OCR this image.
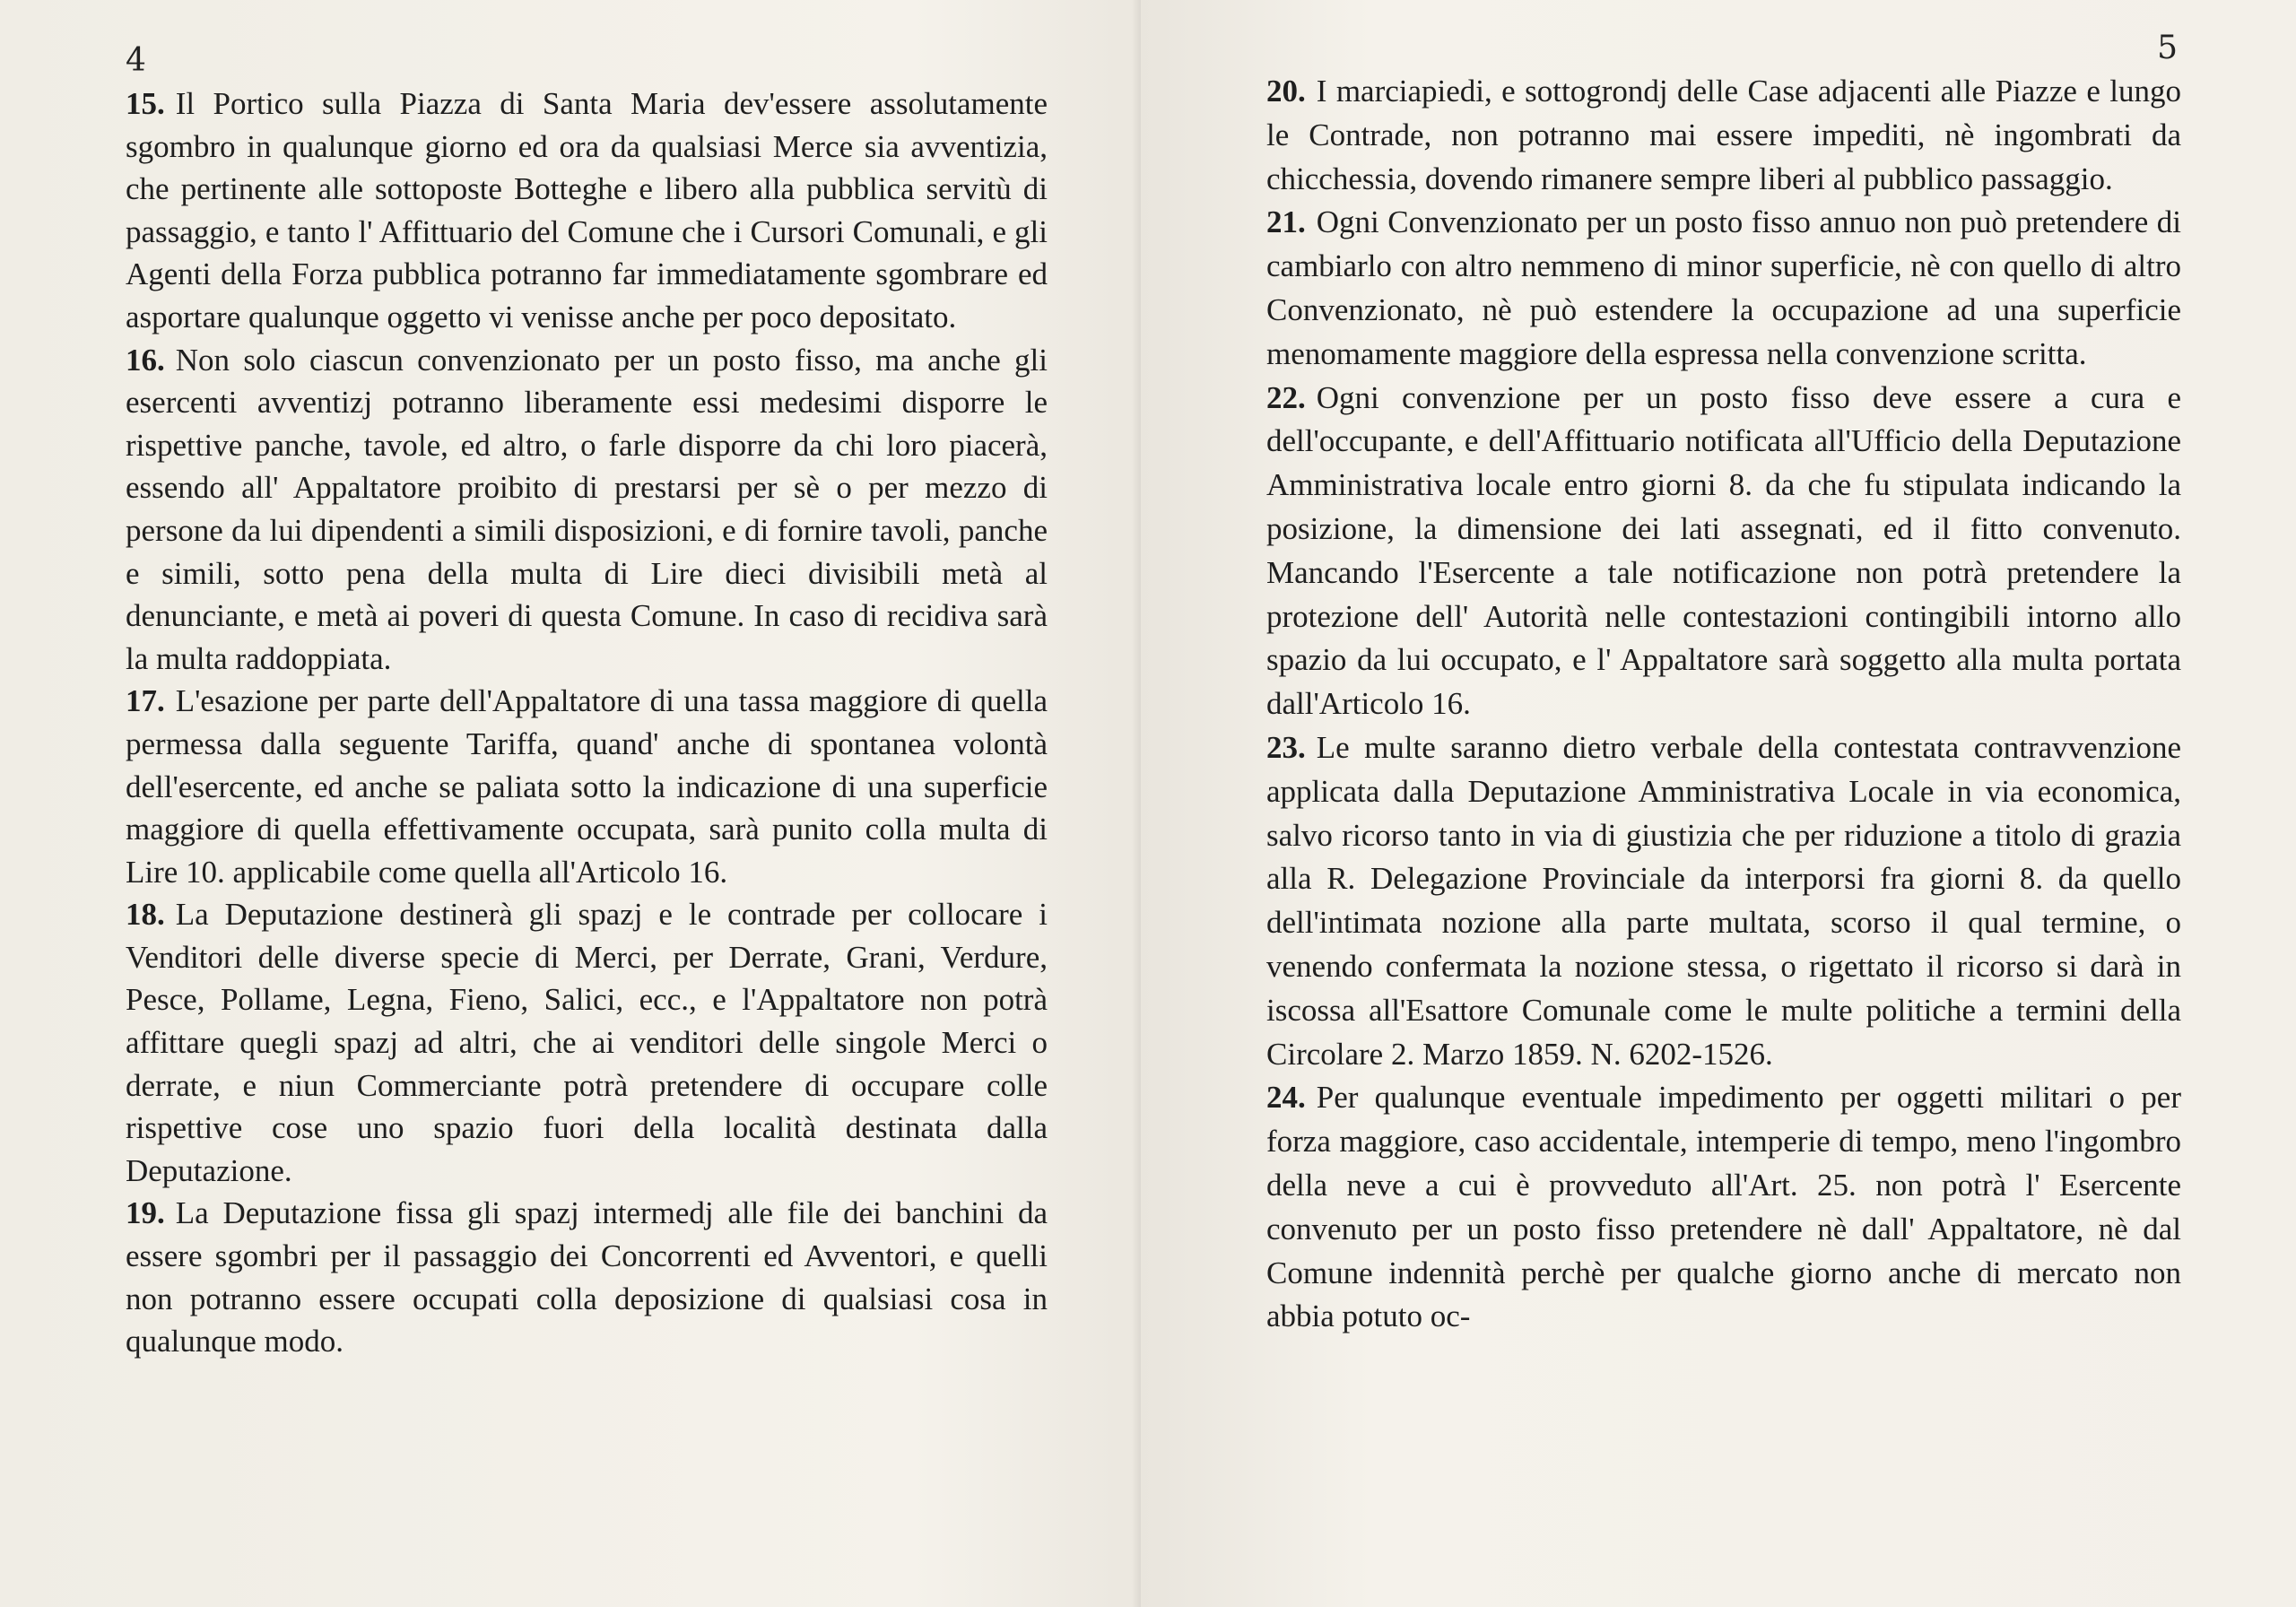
4

15. Il Portico sulla Piazza di Santa Maria dev'essere assolutamente sgombro in qualunque giorno ed ora da qualsiasi Merce sia avventizia, che pertinente alle sottoposte Botteghe e libero alla pubblica servitù di passaggio, e tanto l' Affittuario del Comune che i Cursori Comunali, e gli Agenti della Forza pubblica potranno far immediatamente sgombrare ed asportare qualunque oggetto vi venisse anche per poco depositato.

16. Non solo ciascun convenzionato per un posto fisso, ma anche gli esercenti avventizj potranno liberamente essi medesimi disporre le rispettive panche, tavole, ed altro, o farle disporre da chi loro piacerà, essendo all' Appaltatore proibito di prestarsi per sè o per mezzo di persone da lui dipendenti a simili disposizioni, e di fornire tavoli, panche e simili, sotto pena della multa di Lire dieci divisibili metà al denunciante, e metà ai poveri di questa Comune. In caso di recidiva sarà la multa raddoppiata.

17. L'esazione per parte dell'Appaltatore di una tassa maggiore di quella permessa dalla seguente Tariffa, quand' anche di spontanea volontà dell'esercente, ed anche se paliata sotto la indicazione di una superficie maggiore di quella effettivamente occupata, sarà punito colla multa di Lire 10. applicabile come quella all'Articolo 16.

18. La Deputazione destinerà gli spazj e le contrade per collocare i Venditori delle diverse specie di Merci, per Derrate, Grani, Verdure, Pesce, Pollame, Legna, Fieno, Salici, ecc., e l'Appaltatore non potrà affittare quegli spazj ad altri, che ai venditori delle singole Merci o derrate, e niun Commerciante potrà pretendere di occupare colle rispettive cose uno spazio fuori della località destinata dalla Deputazione.

19. La Deputazione fissa gli spazj intermedj alle file dei banchini da essere sgombri per il passaggio dei Concorrenti ed Avventori, e quelli non potranno essere occupati colla deposizione di qualsiasi cosa in qualunque modo.

5

20. I marciapiedi, e sottogrondj delle Case adjacenti alle Piazze e lungo le Contrade, non potranno mai essere impediti, nè ingombrati da chicchessia, dovendo rimanere sempre liberi al pubblico passaggio.

21. Ogni Convenzionato per un posto fisso annuo non può pretendere di cambiarlo con altro nemmeno di minor superficie, nè con quello di altro Convenzionato, nè può estendere la occupazione ad una superficie menomamente maggiore della espressa nella convenzione scritta.

22. Ogni convenzione per un posto fisso deve essere a cura e dell'occupante, e dell'Affittuario notificata all'Ufficio della Deputazione Amministrativa locale entro giorni 8. da che fu stipulata indicando la posizione, la dimensione dei lati assegnati, ed il fitto convenuto. Mancando l'Esercente a tale notificazione non potrà pretendere la protezione dell' Autorità nelle contestazioni contingibili intorno allo spazio da lui occupato, e l' Appaltatore sarà soggetto alla multa portata dall'Articolo 16.

23. Le multe saranno dietro verbale della contestata contravvenzione applicata dalla Deputazione Amministrativa Locale in via economica, salvo ricorso tanto in via di giustizia che per riduzione a titolo di grazia alla R. Delegazione Provinciale da interporsi fra giorni 8. da quello dell'intimata nozione alla parte multata, scorso il qual termine, o venendo confermata la nozione stessa, o rigettato il ricorso si darà in iscossa all'Esattore Comunale come le multe politiche a termini della Circolare 2. Marzo 1859. N. 6202-1526.

24. Per qualunque eventuale impedimento per oggetti militari o per forza maggiore, caso accidentale, intemperie di tempo, meno l'ingombro della neve a cui è provveduto all'Art. 25. non potrà l' Esercente convenuto per un posto fisso pretendere nè dall' Appaltatore, nè dal Comune indennità perchè per qualche giorno anche di mercato non abbia potuto oc-
